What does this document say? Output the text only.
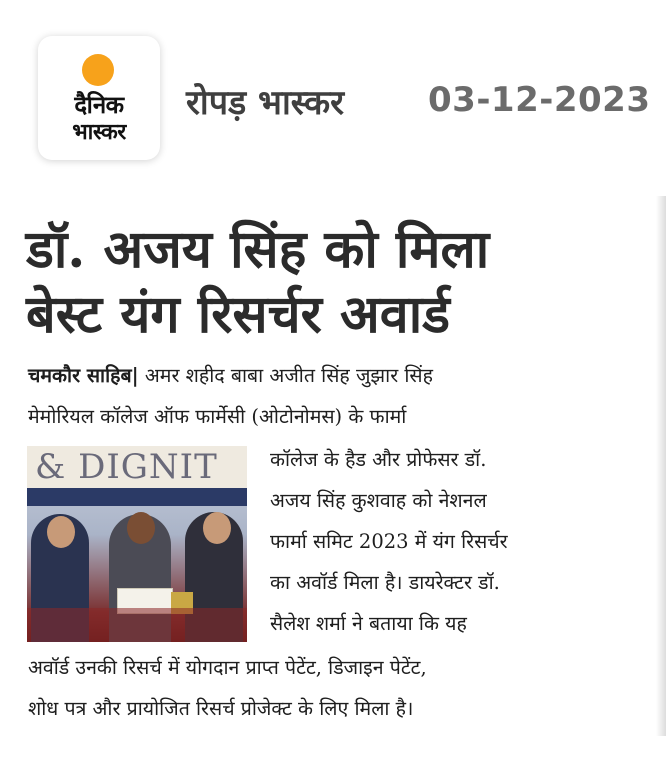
दैनिक
भास्कर
रोपड़ भास्कर 03-12-2023
डॉ. अजय सिंह को मिला
बेस्ट यंग रिसर्चर अवार्ड
चमकौर साहिब| अमर शहीद बाबा अजीत सिंह जुझार सिंह
मेमोरियल कॉलेज ऑफ फार्मेसी (ओटोनोमस) के फार्मा
& DIGNIT	कॉलेज के हैड और प्रोफेसर डॉ.
अजय सिंह कुशवाह को नेशनल
फार्मा समिट 2023 में यंग रिसर्चर
का अवॉर्ड मिला है। डायरेक्टर डॉ.
सैलेश शर्मा ने बताया कि यह
अवॉर्ड उनकी रिसर्च में योगदान प्राप्त पेटेंट, डिजाइन पेटेंट,
शोध पत्र और प्रायोजित रिसर्च प्रोजेक्ट के लिए मिला है।
